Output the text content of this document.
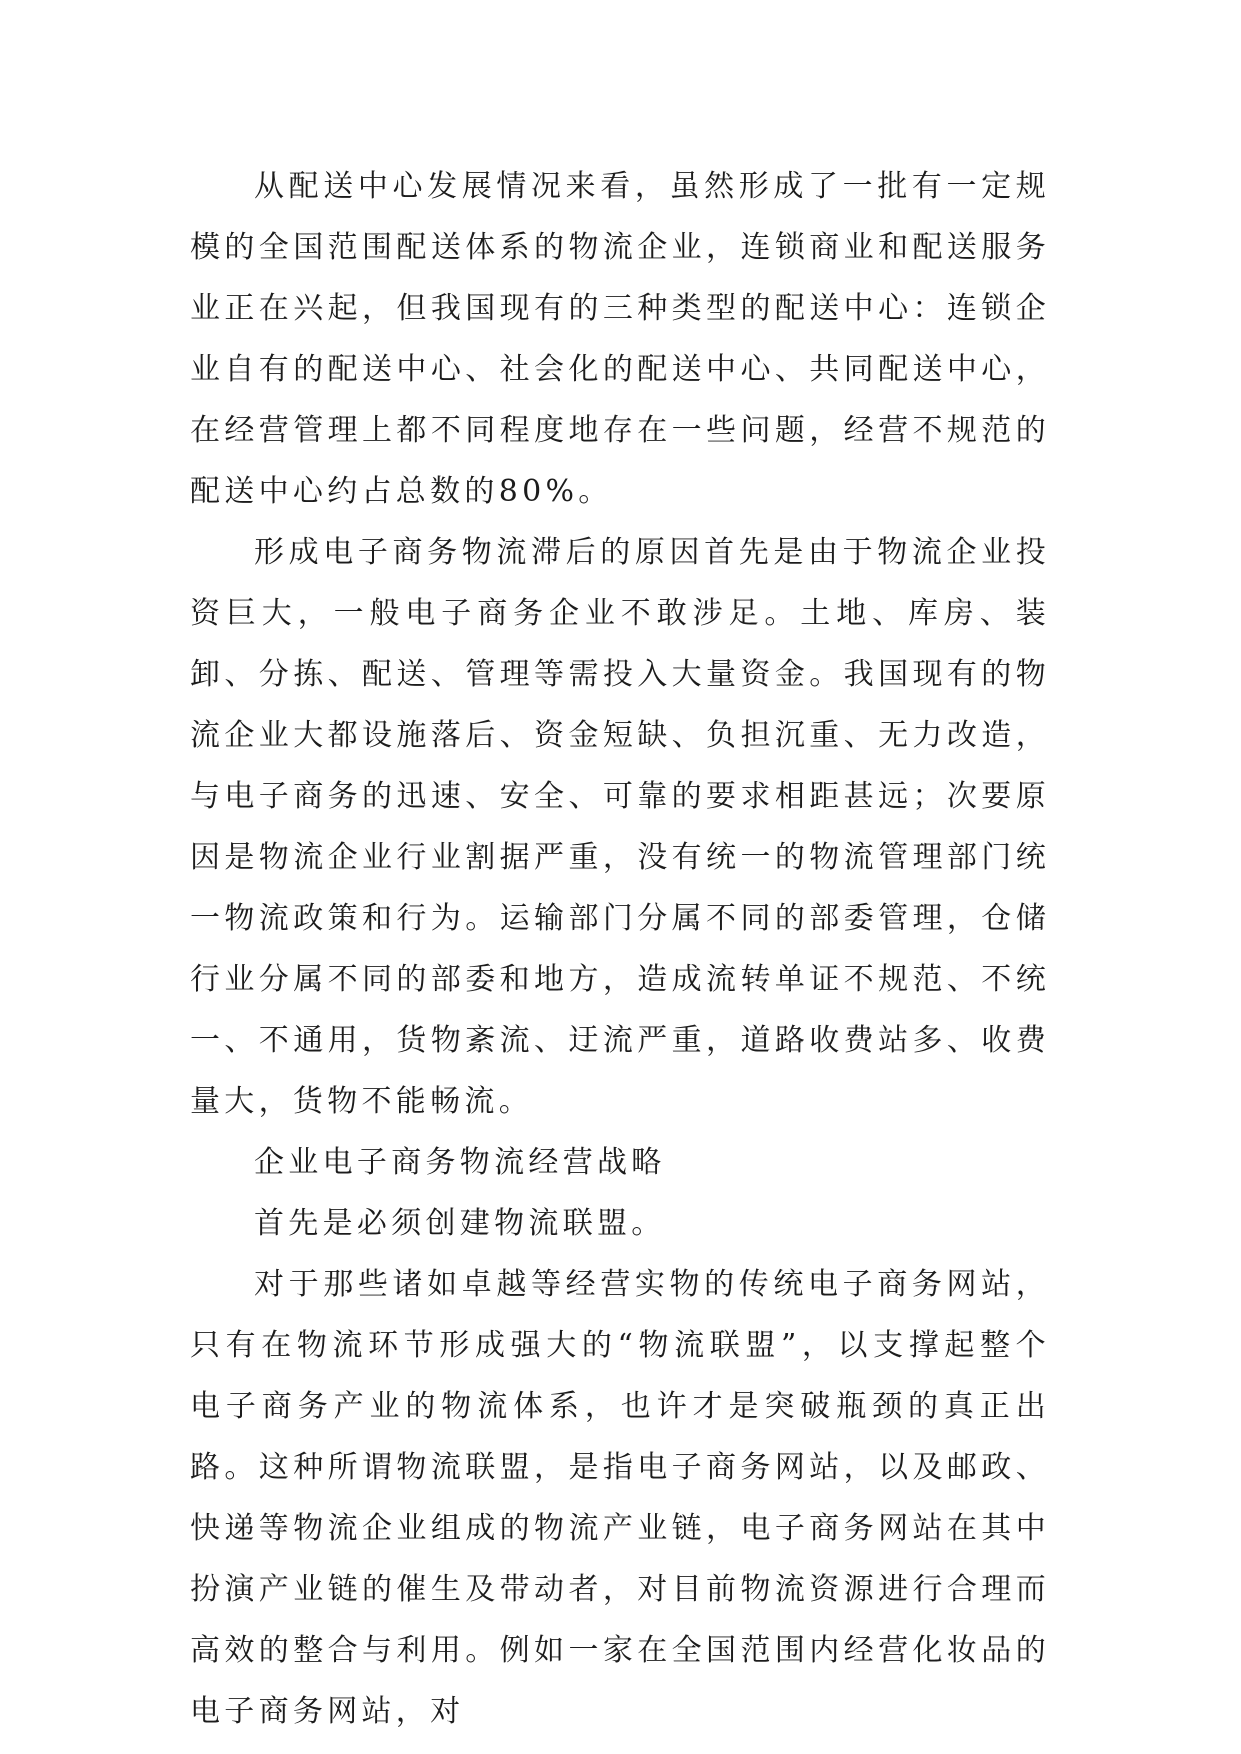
从配送中心发展情况来看，虽然形成了一批有一定规模的全国范围配送体系的物流企业，连锁商业和配送服务业正在兴起，但我国现有的三种类型的配送中心：连锁企业自有的配送中心、社会化的配送中心、共同配送中心，在经营管理上都不同程度地存在一些问题，经营不规范的配送中心约占总数的80%。

形成电子商务物流滞后的原因首先是由于物流企业投资巨大，一般电子商务企业不敢涉足。土地、库房、装卸、分拣、配送、管理等需投入大量资金。我国现有的物流企业大都设施落后、资金短缺、负担沉重、无力改造，与电子商务的迅速、安全、可靠的要求相距甚远；次要原因是物流企业行业割据严重，没有统一的物流管理部门统一物流政策和行为。运输部门分属不同的部委管理，仓储行业分属不同的部委和地方，造成流转单证不规范、不统一、不通用，货物紊流、迂流严重，道路收费站多、收费量大，货物不能畅流。

企业电子商务物流经营战略

首先是必须创建物流联盟。

对于那些诸如卓越等经营实物的传统电子商务网站，只有在物流环节形成强大的“物流联盟”，以支撑起整个电子商务产业的物流体系，也许才是突破瓶颈的真正出路。这种所谓物流联盟，是指电子商务网站，以及邮政、快递等物流企业组成的物流产业链，电子商务网站在其中扮演产业链的催生及带动者，对目前物流资源进行合理而高效的整合与利用。例如一家在全国范围内经营化妆品的电子商务网站，对
